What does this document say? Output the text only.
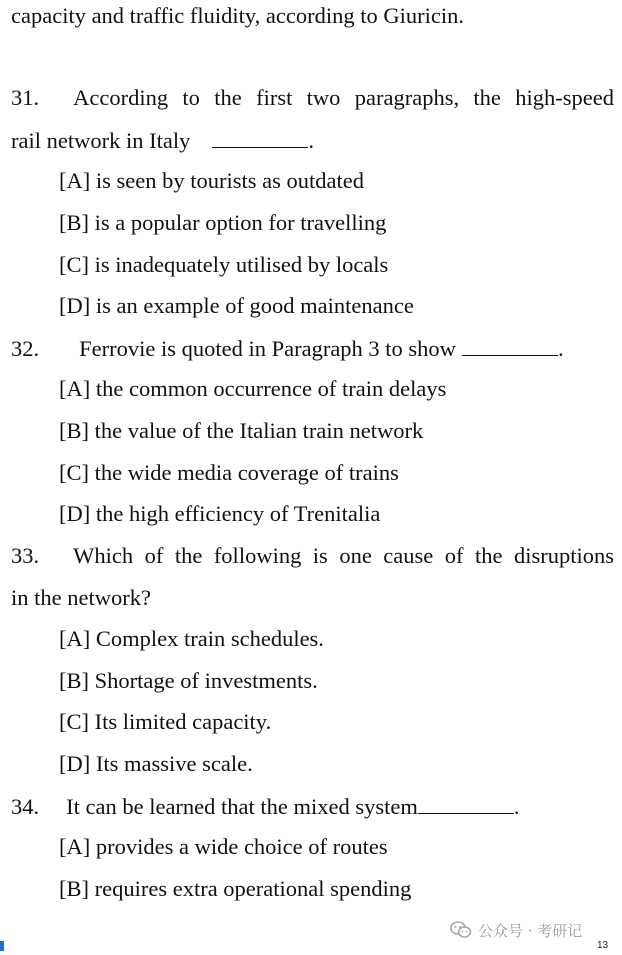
capacity and traffic fluidity, according to Giuricin.
31. According to the first two paragraphs, the high-speed
rail network in Italy	.
[A] is seen by tourists as outdated
[B] is a popular option for travelling
[C] is inadequately utilised by locals
[D] is an example of good maintenance
32. Ferrovie is quoted in Paragraph 3 to show	.
[A] the common occurrence of train delays
[B] the value of the Italian train network
[C] the wide media coverage of trains
[D] the high efficiency of Trenitalia
33. Which of the following is one cause of the disruptions
in the network?
[A] Complex train schedules.
[B] Shortage of investments.
[C] Its limited capacity.
[D] Its massive scale.
34. It can be learned that the mixed system	.
[A] provides a wide choice of routes
[B] requires extra operational spending
公众号 · 考研记
13
